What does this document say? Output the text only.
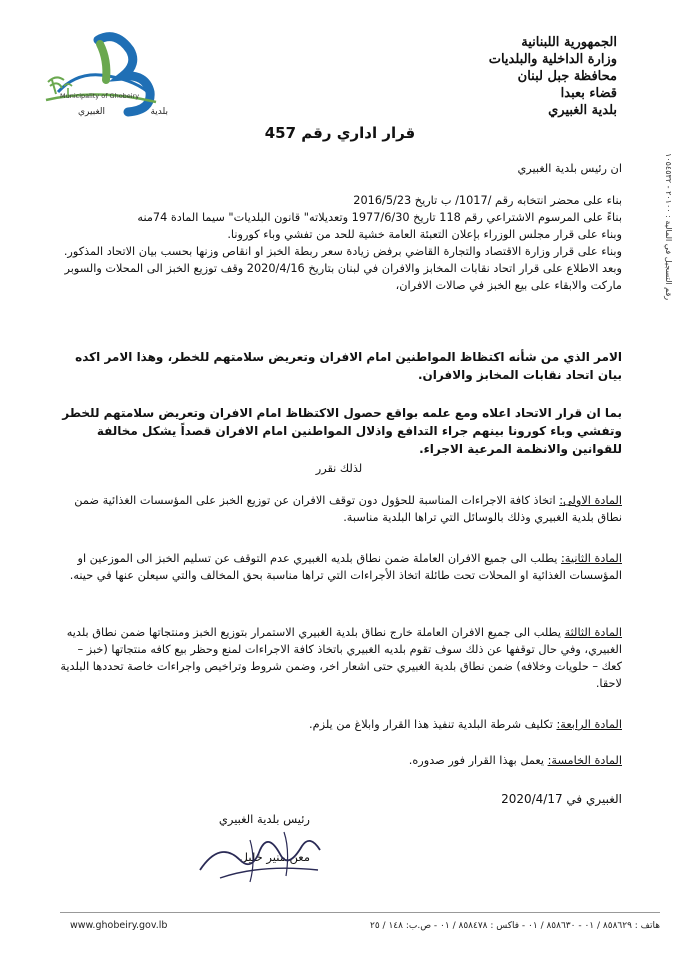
Municipality of Ghobeiry
الغبيري	بلدية
الجمهورية اللبنانية
وزارة الداخلية والبلديات
محافظة جبل لبنان
قضاء بعبدا
بلدية الغبيري
رقم التسجيل في المالية : ٢٠١٠٠ - ١٠٥٤٥٣٢
قرار اداري رقم 457
ان رئيس بلدية الغبيري

بناء على محضر انتخابه رقم /1017/ ب تاريخ 2016/5/23

بناءً على المرسوم الاشتراعي رقم 118 تاريخ 1977/6/30 وتعديلاته" قانون البلديات" سيما المادة 74منه

وبناء على قرار مجلس الوزراء بإعلان التعبئة العامة خشية للحد من تفشي وباء كورونا.

وبناء على قرار وزارة الاقتصاد والتجارة القاضي برفض زيادة سعر ربطة الخبز او انقاص وزنها بحسب بيان الاتحاد المذكور.

وبعد الاطلاع على قرار اتحاد نقابات المخابز والافران في لبنان بتاريخ 2020/4/16 وقف توزيع الخبز الى المحلات والسوبر ماركت والابقاء على بيع الخبز في صالات الافران،

الامر الذي من شأنه اكتظاظ المواطنين امام الافران وتعريض سلامتهم للخطر، وهذا الامر اكده بيان اتحاد نقابات المخابز والافران.
بما ان قرار الاتحاد اعلاه ومع علمه بواقع حصول الاكتظاظ امام الافران وتعريض سلامتهم للخطر وتفشي وباء كورونا بينهم جراء التدافع واذلال المواطنين امام الافران قصداً يشكل مخالفة للقوانين والانظمة المرعية الاجراء.
لذلك نقرر
المادة الاولى: اتخاذ كافة الاجراءات المناسبة للحؤول دون توقف الافران عن توزيع الخبز على المؤسسات الغذائية ضمن نطاق بلدية الغبيري وذلك بالوسائل التي تراها البلدية مناسبة.
المادة الثانية: يطلب الى جميع الافران العاملة ضمن نطاق بلديه الغبيري عدم التوقف عن تسليم الخبز الى الموزعين او المؤسسات الغذائية او المحلات تحت طائلة اتخاذ الأجراءات التي تراها مناسبة بحق المخالف والتي سيعلن عنها في حينه.
المادة الثالثة يطلب الى جميع الافران العاملة خارج نطاق بلدية الغبيري الاستمرار بتوزيع الخبز ومنتجاتها ضمن نطاق بلديه الغبيري، وفي حال توقفها عن ذلك سوف تقوم بلديه الغبيري باتخاذ كافة الاجراءات لمنع وحظر بيع كافه منتجاتها (خبز – كعك – حلويات وخلافه) ضمن نطاق بلدية الغبيري حتى اشعار اخر، وضمن شروط وتراخيص واجراءات خاصة تحددها البلدية لاحقا.
المادة الرابعة: تكليف شرطة البلدية تنفيذ هذا القرار وابلاغ من يلزم.
المادة الخامسة: يعمل بهذا القرار فور صدوره.
الغبيري في 2020/4/17
رئيس بلدية الغبيري
معن منير خليل
www.ghobeiry.gov.lb	هاتف : ٨٥٨٦٢٩ / ٠١ - ٨٥٨٦٣٠ / ٠١ - فاكس : ٨٥٨٤٧٨ / ٠١ - ص.ب: ١٤٨ / ٢٥
